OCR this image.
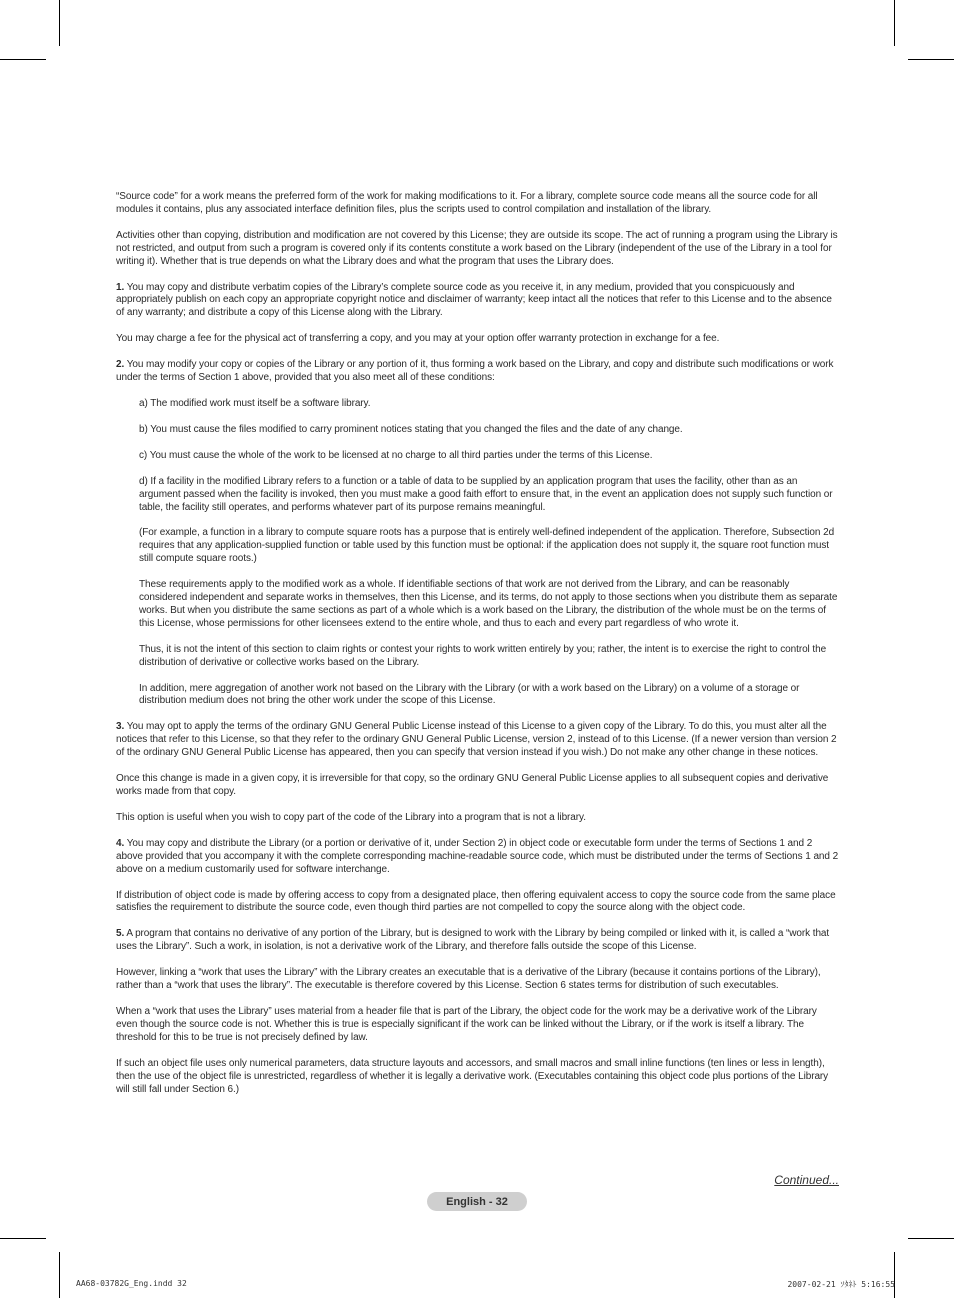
“Source code” for a work means the preferred form of the work for making modifications to it. For a library, complete source code means all the source code for all modules it contains, plus any associated interface definition files, plus the scripts used to control compilation and installation of the library.

Activities other than copying, distribution and modification are not covered by this License; they are outside its scope. The act of running a program using the Library is not restricted, and output from such a program is covered only if its contents constitute a work based on the Library (independent of the use of the Library in a tool for writing it). Whether that is true depends on what the Library does and what the program that uses the Library does.

1. You may copy and distribute verbatim copies of the Library’s complete source code as you receive it, in any medium, provided that you conspicuously and appropriately publish on each copy an appropriate copyright notice and disclaimer of warranty; keep intact all the notices that refer to this License and to the absence of any warranty; and distribute a copy of this License along with the Library.

You may charge a fee for the physical act of transferring a copy, and you may at your option offer warranty protection in exchange for a fee.

2. You may modify your copy or copies of the Library or any portion of it, thus forming a work based on the Library, and copy and distribute such modifications or work under the terms of Section 1 above, provided that you also meet all of these conditions:

a) The modified work must itself be a software library.

b) You must cause the files modified to carry prominent notices stating that you changed the files and the date of any change.

c) You must cause the whole of the work to be licensed at no charge to all third parties under the terms of this License.

d) If a facility in the modified Library refers to a function or a table of data to be supplied by an application program that uses the facility, other than as an argument passed when the facility is invoked, then you must make a good faith effort to ensure that, in the event an application does not supply such function or table, the facility still operates, and performs whatever part of its purpose remains meaningful.

(For example, a function in a library to compute square roots has a purpose that is entirely well-defined independent of the application. Therefore, Subsection 2d requires that any application-supplied function or table used by this function must be optional: if the application does not supply it, the square root function must still compute square roots.)

These requirements apply to the modified work as a whole. If identifiable sections of that work are not derived from the Library, and can be reasonably considered independent and separate works in themselves, then this License, and its terms, do not apply to those sections when you distribute them as separate works. But when you distribute the same sections as part of a whole which is a work based on the Library, the distribution of the whole must be on the terms of this License, whose permissions for other licensees extend to the entire whole, and thus to each and every part regardless of who wrote it.

Thus, it is not the intent of this section to claim rights or contest your rights to work written entirely by you; rather, the intent is to exercise the right to control the distribution of derivative or collective works based on the Library.

In addition, mere aggregation of another work not based on the Library with the Library (or with a work based on the Library) on a volume of a storage or distribution medium does not bring the other work under the scope of this License.

3. You may opt to apply the terms of the ordinary GNU General Public License instead of this License to a given copy of the Library. To do this, you must alter all the notices that refer to this License, so that they refer to the ordinary GNU General Public License, version 2, instead of to this License. (If a newer version than version 2 of the ordinary GNU General Public License has appeared, then you can specify that version instead if you wish.) Do not make any other change in these notices.

Once this change is made in a given copy, it is irreversible for that copy, so the ordinary GNU General Public License applies to all subsequent copies and derivative works made from that copy.

This option is useful when you wish to copy part of the code of the Library into a program that is not a library.

4. You may copy and distribute the Library (or a portion or derivative of it, under Section 2) in object code or executable form under the terms of Sections 1 and 2 above provided that you accompany it with the complete corresponding machine-readable source code, which must be distributed under the terms of Sections 1 and 2 above on a medium customarily used for software interchange.

If distribution of object code is made by offering access to copy from a designated place, then offering equivalent access to copy the source code from the same place satisfies the requirement to distribute the source code, even though third parties are not compelled to copy the source along with the object code.

5. A program that contains no derivative of any portion of the Library, but is designed to work with the Library by being compiled or linked with it, is called a “work that uses the Library”. Such a work, in isolation, is not a derivative work of the Library, and therefore falls outside the scope of this License.

However, linking a “work that uses the Library” with the Library creates an executable that is a derivative of the Library (because it contains portions of the Library), rather than a “work that uses the library”. The executable is therefore covered by this License. Section 6 states terms for distribution of such executables.

When a “work that uses the Library” uses material from a header file that is part of the Library, the object code for the work may be a derivative work of the Library even though the source code is not. Whether this is true is especially significant if the work can be linked without the Library, or if the work is itself a library. The threshold for this to be true is not precisely defined by law.

If such an object file uses only numerical parameters, data structure layouts and accessors, and small macros and small inline functions (ten lines or less in length), then the use of the object file is unrestricted, regardless of whether it is legally a derivative work. (Executables containing this object code plus portions of the Library will still fall under Section 6.)

Continued...
English - 32
AA68-03782G_Eng.indd 32	2007-02-21 ｿﾀﾈﾄ 5:16:55
